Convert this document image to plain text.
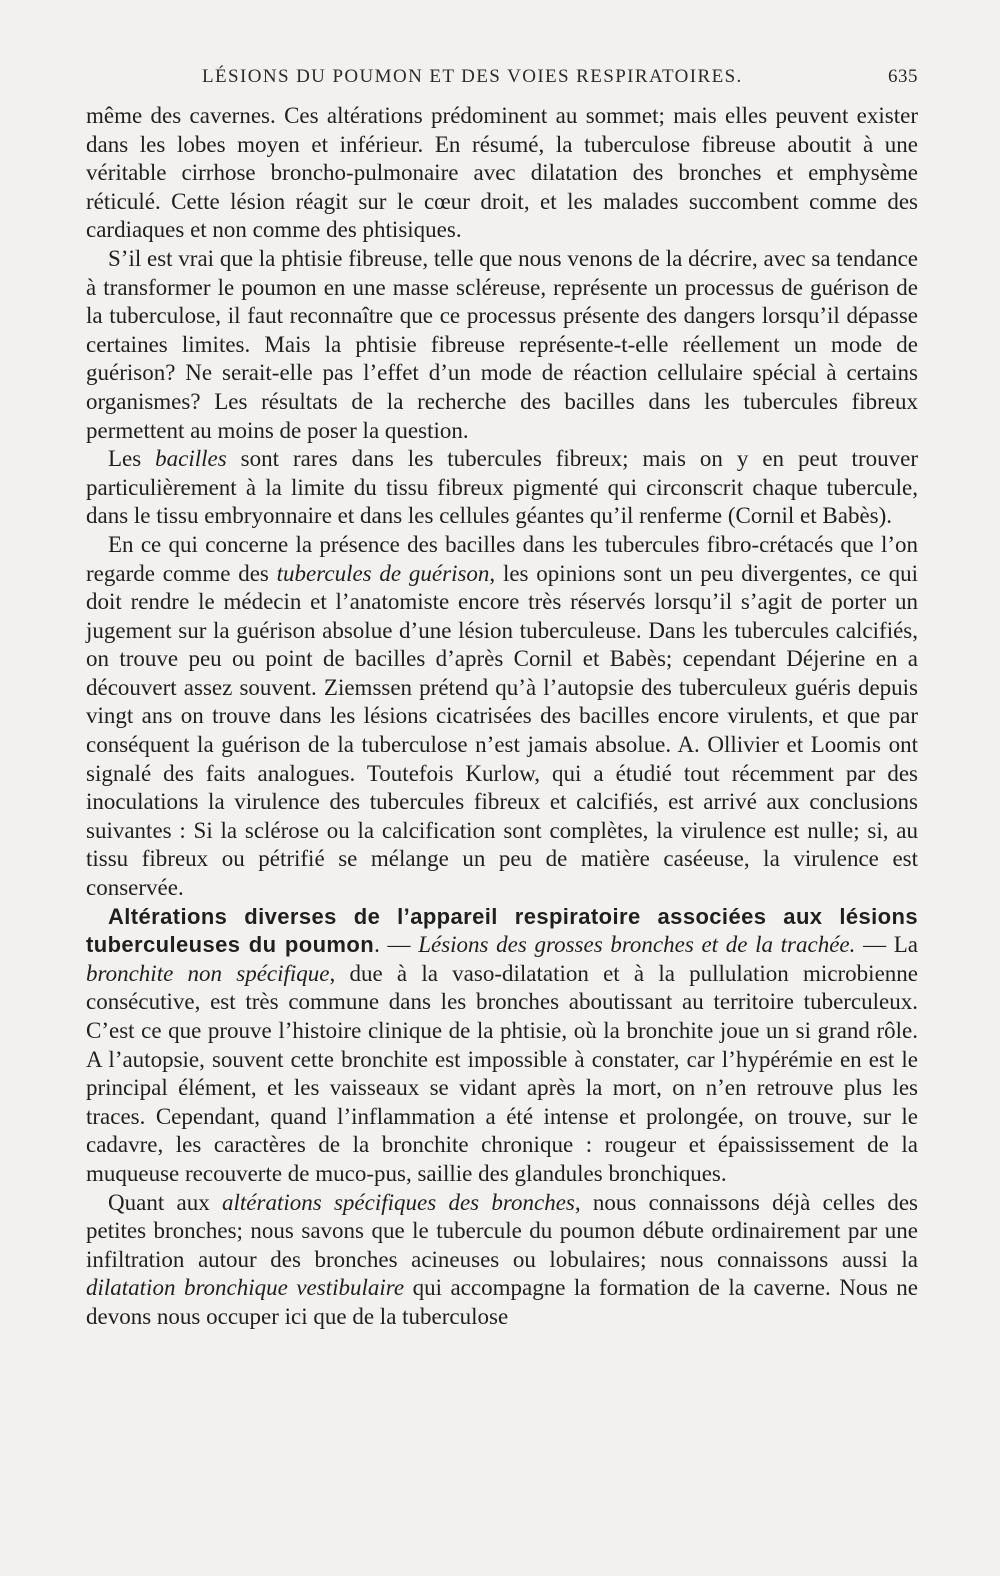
LÉSIONS DU POUMON ET DES VOIES RESPIRATOIRES.	635

même des cavernes. Ces altérations prédominent au sommet; mais elles peuvent exister dans les lobes moyen et inférieur. En résumé, la tuberculose fibreuse aboutit à une véritable cirrhose broncho-pulmonaire avec dilatation des bronches et emphysème réticulé. Cette lésion réagit sur le cœur droit, et les malades succombent comme des cardiaques et non comme des phtisiques.

S’il est vrai que la phtisie fibreuse, telle que nous venons de la décrire, avec sa tendance à transformer le poumon en une masse scléreuse, représente un processus de guérison de la tuberculose, il faut reconnaître que ce processus présente des dangers lorsqu’il dépasse certaines limites. Mais la phtisie fibreuse représente-t-elle réellement un mode de guérison? Ne serait-elle pas l’effet d’un mode de réaction cellulaire spécial à certains organismes? Les résultats de la recherche des bacilles dans les tubercules fibreux permettent au moins de poser la question.

Les bacilles sont rares dans les tubercules fibreux; mais on y en peut trouver particulièrement à la limite du tissu fibreux pigmenté qui circonscrit chaque tubercule, dans le tissu embryonnaire et dans les cellules géantes qu’il renferme (Cornil et Babès).

En ce qui concerne la présence des bacilles dans les tubercules fibro-crétacés que l’on regarde comme des tubercules de guérison, les opinions sont un peu divergentes, ce qui doit rendre le médecin et l’anatomiste encore très réservés lorsqu’il s’agit de porter un jugement sur la guérison absolue d’une lésion tuberculeuse. Dans les tubercules calcifiés, on trouve peu ou point de bacilles d’après Cornil et Babès; cependant Déjerine en a découvert assez souvent. Ziemssen prétend qu’à l’autopsie des tuberculeux guéris depuis vingt ans on trouve dans les lésions cicatrisées des bacilles encore virulents, et que par conséquent la guérison de la tuberculose n’est jamais absolue. A. Ollivier et Loomis ont signalé des faits analogues. Toutefois Kurlow, qui a étudié tout récemment par des inoculations la virulence des tubercules fibreux et calcifiés, est arrivé aux conclusions suivantes : Si la sclérose ou la calcification sont complètes, la virulence est nulle; si, au tissu fibreux ou pétrifié se mélange un peu de matière caséeuse, la virulence est conservée.

Altérations diverses de l’appareil respiratoire associées aux lésions tuberculeuses du poumon. — Lésions des grosses bronches et de la trachée. — La bronchite non spécifique, due à la vaso-dilatation et à la pullulation microbienne consécutive, est très commune dans les bronches aboutissant au territoire tuberculeux. C’est ce que prouve l’histoire clinique de la phtisie, où la bronchite joue un si grand rôle. A l’autopsie, souvent cette bronchite est impossible à constater, car l’hypérémie en est le principal élément, et les vaisseaux se vidant après la mort, on n’en retrouve plus les traces. Cependant, quand l’inflammation a été intense et prolongée, on trouve, sur le cadavre, les caractères de la bronchite chronique : rougeur et épaississement de la muqueuse recouverte de muco-pus, saillie des glandules bronchiques.

Quant aux altérations spécifiques des bronches, nous connaissons déjà celles des petites bronches; nous savons que le tubercule du poumon débute ordinairement par une infiltration autour des bronches acineuses ou lobulaires; nous connaissons aussi la dilatation bronchique vestibulaire qui accompagne la formation de la caverne. Nous ne devons nous occuper ici que de la tuberculose
